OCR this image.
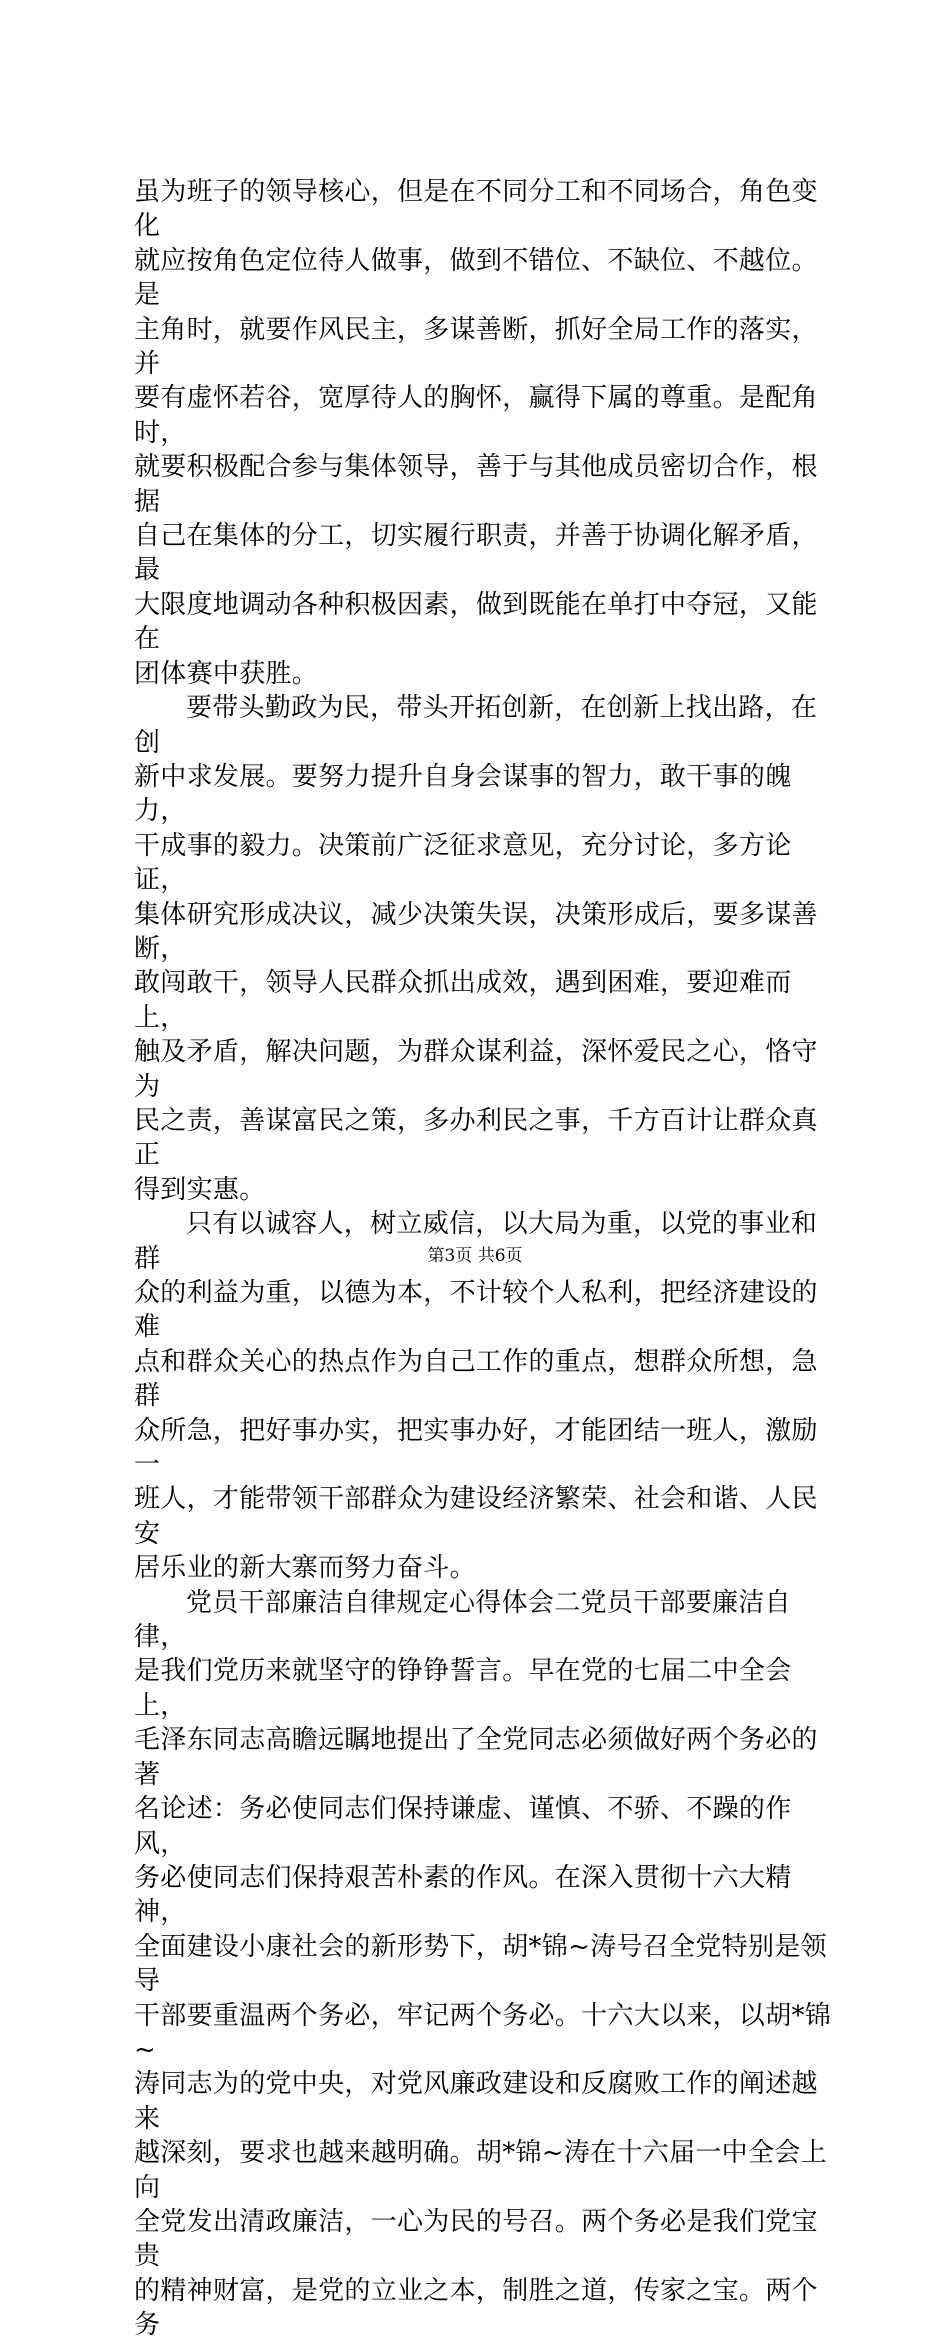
虽为班子的领导核心，但是在不同分工和不同场合，角色变化
就应按角色定位待人做事，做到不错位、不缺位、不越位。是
主角时，就要作风民主，多谋善断，抓好全局工作的落实，并
要有虚怀若谷，宽厚待人的胸怀，赢得下属的尊重。是配角时，
就要积极配合参与集体领导，善于与其他成员密切合作，根据
自己在集体的分工，切实履行职责，并善于协调化解矛盾，最
大限度地调动各种积极因素，做到既能在单打中夺冠，又能在
团体赛中获胜。
要带头勤政为民，带头开拓创新，在创新上找出路，在创
新中求发展。要努力提升自身会谋事的智力，敢干事的魄力，
干成事的毅力。决策前广泛征求意见，充分讨论，多方论证，
集体研究形成决议，减少决策失误，决策形成后，要多谋善断，
敢闯敢干，领导人民群众抓出成效，遇到困难，要迎难而上，
触及矛盾，解决问题，为群众谋利益，深怀爱民之心，恪守为
民之责，善谋富民之策，多办利民之事，千方百计让群众真正
得到实惠。
只有以诚容人，树立威信，以大局为重，以党的事业和群
众的利益为重，以德为本，不计较个人私利，把经济建设的难
点和群众关心的热点作为自己工作的重点，想群众所想，急群
众所急，把好事办实，把实事办好，才能团结一班人，激励一
班人，才能带领干部群众为建设经济繁荣、社会和谐、人民安
居乐业的新大寨而努力奋斗。
党员干部廉洁自律规定心得体会二党员干部要廉洁自律，
是我们党历来就坚守的铮铮誓言。早在党的七届二中全会上，
毛泽东同志高瞻远瞩地提出了全党同志必须做好两个务必的著
名论述：务必使同志们保持谦虚、谨慎、不骄、不躁的作风，
务必使同志们保持艰苦朴素的作风。在深入贯彻十六大精神，
全面建设小康社会的新形势下，胡*锦~涛号召全党特别是领导
干部要重温两个务必，牢记两个务必。十六大以来，以胡*锦~
涛同志为的党中央，对党风廉政建设和反腐败工作的阐述越来
越深刻，要求也越来越明确。胡*锦~涛在十六届一中全会上向
全党发出清政廉洁，一心为民的号召。两个务必是我们党宝贵
的精神财富，是党的立业之本，制胜之道，传家之宝。两个务
第3页 共6页
